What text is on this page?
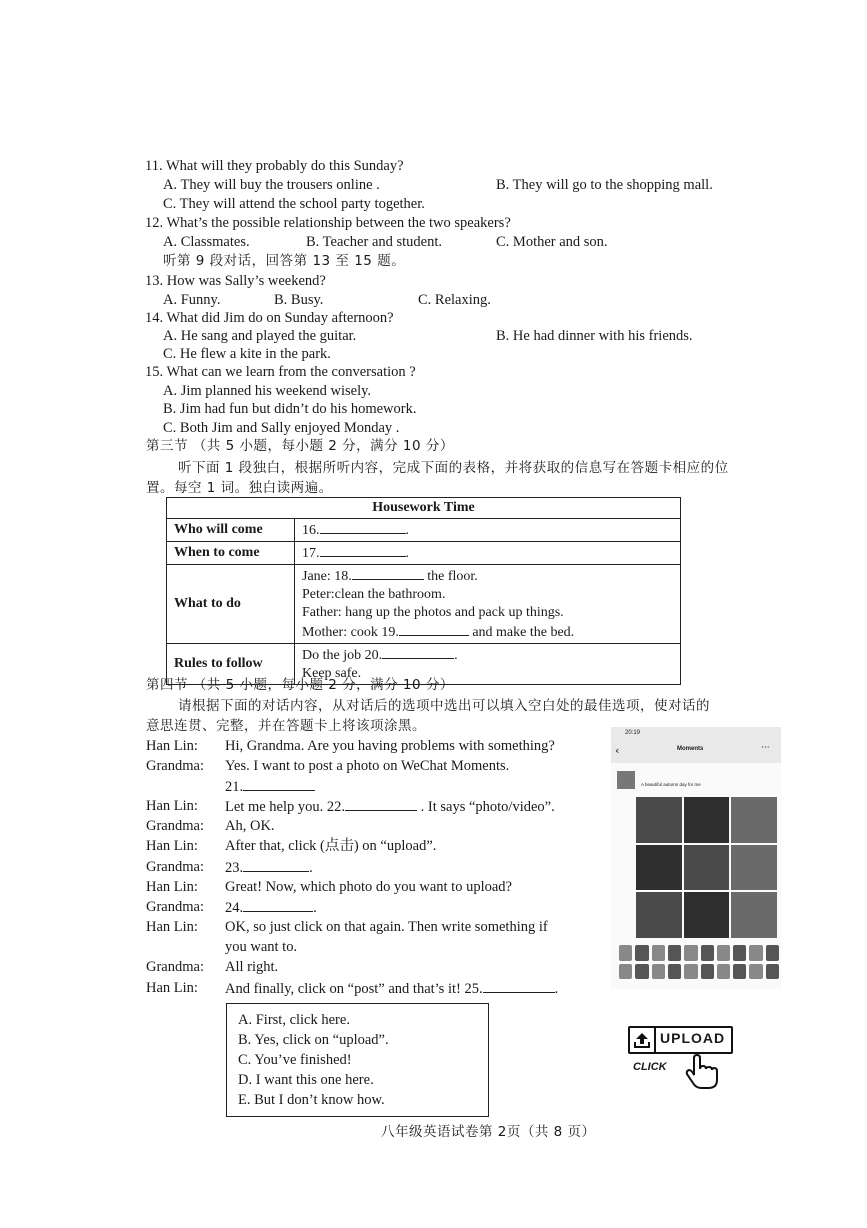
11. What will they probably do this Sunday?
A. They will buy the trousers online .	B. They will go to the shopping mall.
C. They will attend the school party together.
12. What’s the possible relationship between the two speakers?
A. Classmates.	B. Teacher and student.	C. Mother and son.
听第 9 段对话，回答第 13 至 15 题。
13. How was Sally’s weekend?
A. Funny.	B. Busy.	C. Relaxing.
14. What did Jim do on Sunday afternoon?
A. He sang and played the guitar.	B. He had dinner with his friends.
C. He flew a kite in the park.
15. What can we learn from the conversation ?
A. Jim planned his weekend wisely.
B. Jim had fun but didn’t do his homework.
C. Both Jim and Sally enjoyed Monday .
第三节 （共 5 小题，每小题 2 分，满分 10 分）
听下面 1 段独白，根据所听内容，完成下面的表格，并将获取的信息写在答题卡相应的位
置。每空 1 词。独白读两遍。
Housework Time	
Who will come	16. .
When to come	17. .
What to do	Jane: 18. the floor.
Peter:clean the bathroom.
Father: hang up the photos and pack up things.
Mother: cook 19. and make the bed.

Rules to follow	Do the job 20. .
Keep safe.
第四节 （共 5 小题，每小题 2 分，满分 10 分）
请根据下面的对话内容，从对话后的选项中选出可以填入空白处的最佳选项，使对话的
意思连贯、完整，并在答题卡上将该项涂黑。
Han Lin: Hi, Grandma. Are you having problems with something?
Grandma: Yes. I want to post a photo on WeChat Moments.
21.
Han Lin: Let me help you. 22.	. It says “photo/video”.
Grandma: Ah, OK.
Han Lin: After that, click (点击) on “upload”.
Grandma: 23.	.
Han Lin: Great! Now, which photo do you want to upload?
Grandma: 24.	.
Han Lin: OK, so just click on that again. Then write something if
you want to.
Grandma: All right.
Han Lin: And finally, click on “post” and that’s it! 25.	.
A. First, click here.
B. Yes, click on “upload”.
C. You’ve finished!
D. I want this one here.
E. But I don’t know how.
20:19
‹	Moments	···
A beautiful autumn day for me
UPLOAD
CLICK
八年级英语试卷第 2页（共 8 页）
